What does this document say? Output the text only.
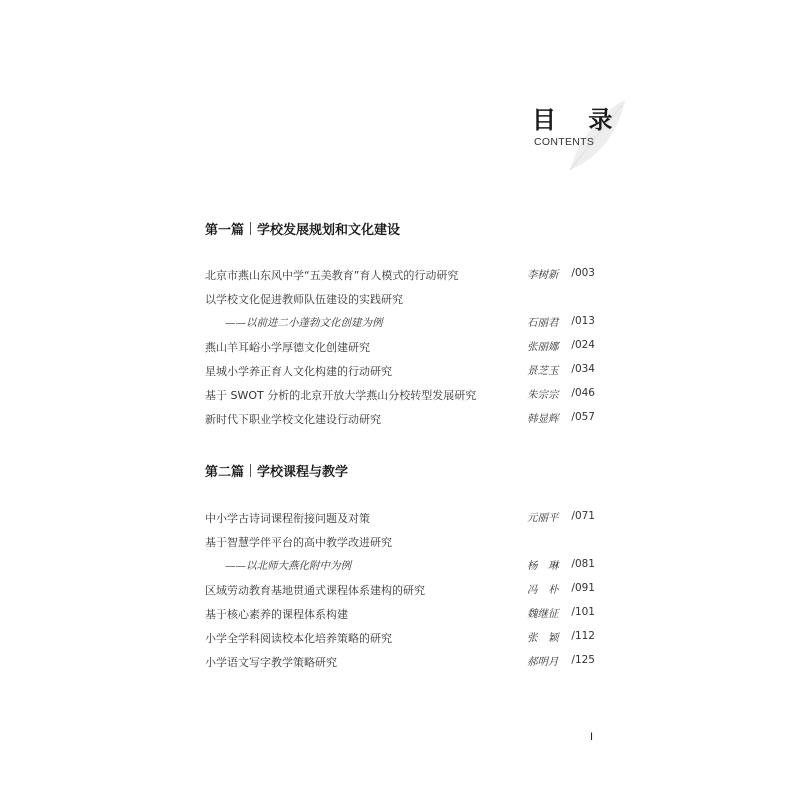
目 录
CONTENTS
第一篇 学校发展规划和文化建设
北京市燕山东风中学“五美教育”育人模式的行动研究	李树新 /003
以学校文化促进教师队伍建设的实践研究
——以前进二小蓬勃文化创建为例	石丽君 /013
燕山羊耳峪小学厚德文化创建研究	张丽娜 /024
星城小学养正育人文化构建的行动研究	景芝玉 /034
基于 SWOT 分析的北京开放大学燕山分校转型发展研究	朱宗宗 /046
新时代下职业学校文化建设行动研究	韩显辉 /057
第二篇 学校课程与教学
中小学古诗词课程衔接问题及对策	元丽平 /071
基于智慧学伴平台的高中教学改进研究
——以北师大燕化附中为例	杨　琳 /081
区域劳动教育基地贯通式课程体系建构的研究	冯　朴 /091
基于核心素养的课程体系构建	魏继征 /101
小学全学科阅读校本化培养策略的研究	张　颖 /112
小学语文写字教学策略研究	郝明月 /125
I
